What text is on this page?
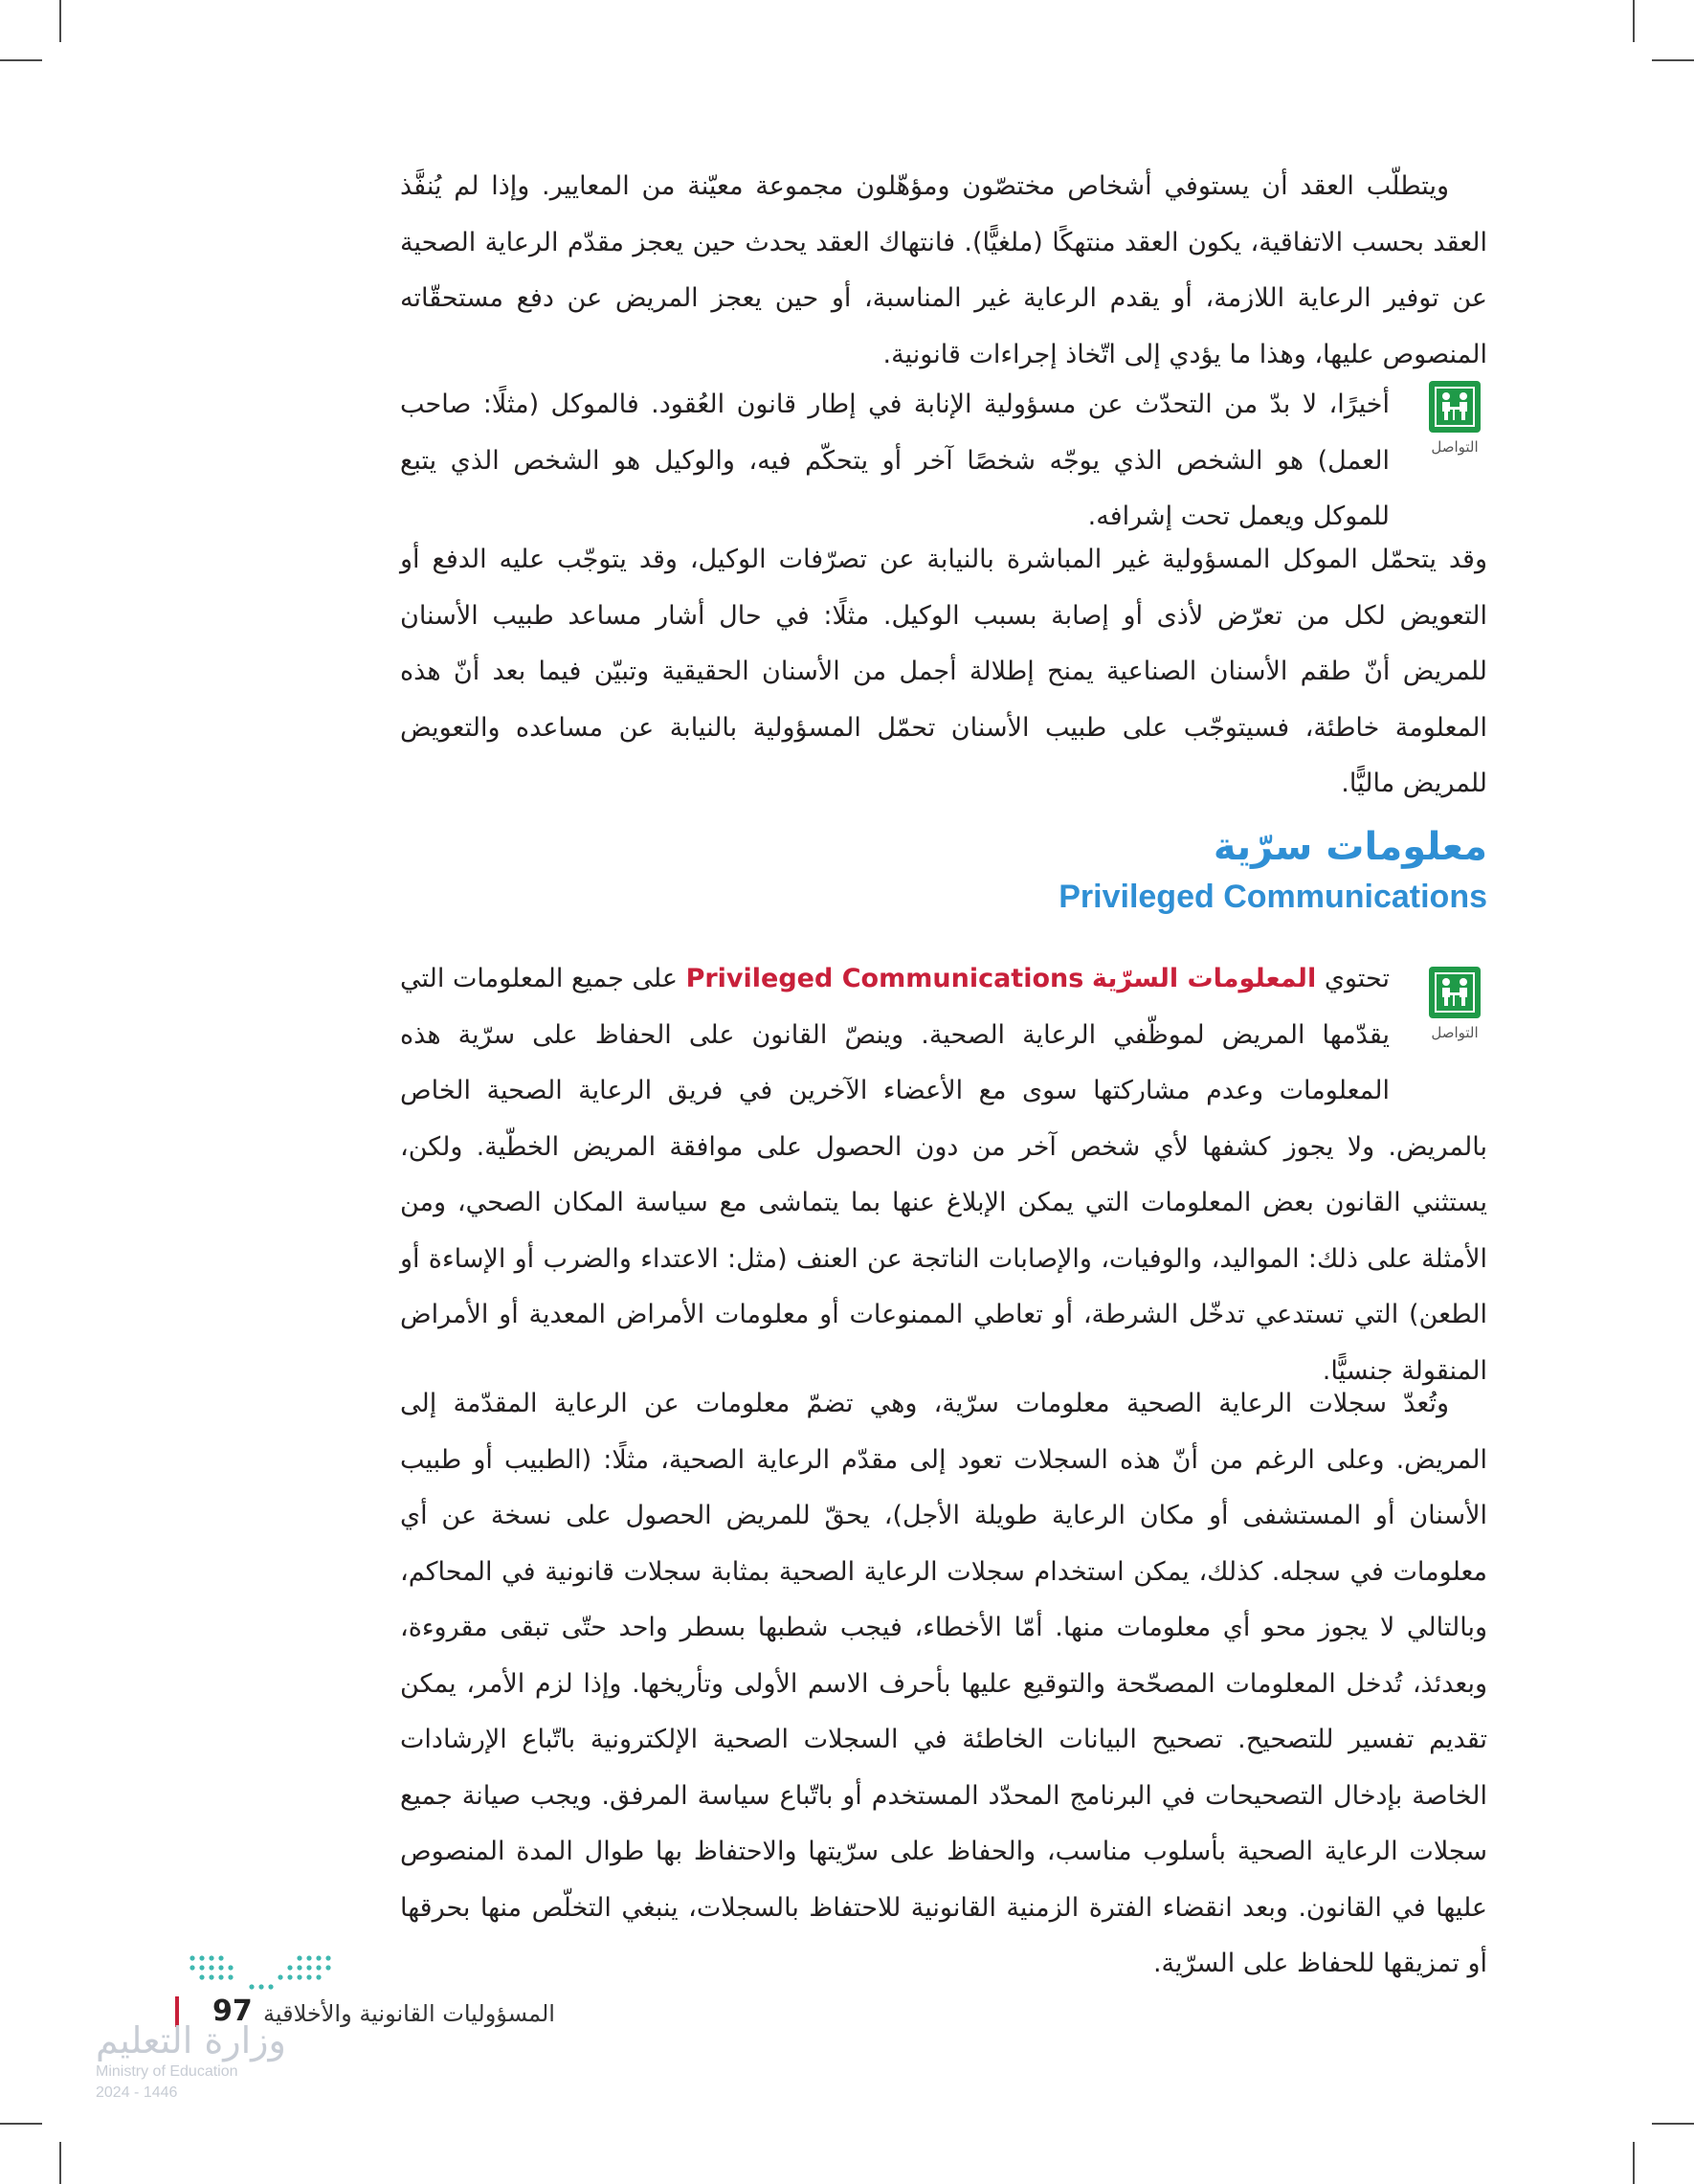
ويتطلّب العقد أن يستوفي أشخاص مختصّون ومؤهّلون مجموعة معيّنة من المعايير. وإذا لم يُنفَّذ العقد بحسب الاتفاقية، يكون العقد منتهكًا (ملغيًّا). فانتهاك العقد يحدث حين يعجز مقدّم الرعاية الصحية عن توفير الرعاية اللازمة، أو يقدم الرعاية غير المناسبة، أو حين يعجز المريض عن دفع مستحقّاته المنصوص عليها، وهذا ما يؤدي إلى اتّخاذ إجراءات قانونية.

التواصل

أخيرًا، لا بدّ من التحدّث عن مسؤولية الإنابة في إطار قانون العُقود. فالموكل (مثلًا: صاحب العمل) هو الشخص الذي يوجّه شخصًا آخر أو يتحكّم فيه، والوكيل هو الشخص الذي يتبع للموكل ويعمل تحت إشرافه.

وقد يتحمّل الموكل المسؤولية غير المباشرة بالنيابة عن تصرّفات الوكيل، وقد يتوجّب عليه الدفع أو التعويض لكل من تعرّض لأذى أو إصابة بسبب الوكيل. مثلًا: في حال أشار مساعد طبيب الأسنان للمريض أنّ طقم الأسنان الصناعية يمنح إطلالة أجمل من الأسنان الحقيقية وتبيّن فيما بعد أنّ هذه المعلومة خاطئة، فسيتوجّب على طبيب الأسنان تحمّل المسؤولية بالنيابة عن مساعده والتعويض للمريض ماليًّا.

معلومات سرّية
Privileged Communications
التواصل

تحتوي المعلومات السرّية Privileged Communications على جميع المعلومات التي يقدّمها المريض لموظّفي الرعاية الصحية. وينصّ القانون على الحفاظ على سرّية هذه المعلومات وعدم مشاركتها سوى مع الأعضاء الآخرين في فريق الرعاية الصحية الخاص بالمريض. ولا يجوز كشفها لأي شخص آخر من دون الحصول على موافقة المريض الخطّية. ولكن، يستثني القانون بعض المعلومات التي يمكن الإبلاغ عنها بما يتماشى مع سياسة المكان الصحي، ومن الأمثلة على ذلك: المواليد، والوفيات، والإصابات الناتجة عن العنف (مثل: الاعتداء والضرب أو الإساءة أو الطعن) التي تستدعي تدخّل الشرطة، أو تعاطي الممنوعات أو معلومات الأمراض المعدية أو الأمراض المنقولة جنسيًّا.

وتُعدّ سجلات الرعاية الصحية معلومات سرّية، وهي تضمّ معلومات عن الرعاية المقدّمة إلى المريض. وعلى الرغم من أنّ هذه السجلات تعود إلى مقدّم الرعاية الصحية، مثلًا: (الطبيب أو طبيب الأسنان أو المستشفى أو مكان الرعاية طويلة الأجل)، يحقّ للمريض الحصول على نسخة عن أي معلومات في سجله. كذلك، يمكن استخدام سجلات الرعاية الصحية بمثابة سجلات قانونية في المحاكم، وبالتالي لا يجوز محو أي معلومات منها. أمّا الأخطاء، فيجب شطبها بسطر واحد حتّى تبقى مقروءة، وبعدئذ، تُدخل المعلومات المصحّحة والتوقيع عليها بأحرف الاسم الأولى وتأريخها. وإذا لزم الأمر، يمكن تقديم تفسير للتصحيح. تصحيح البيانات الخاطئة في السجلات الصحية الإلكترونية باتّباع الإرشادات الخاصة بإدخال التصحيحات في البرنامج المحدّد المستخدم أو باتّباع سياسة المرفق. ويجب صيانة جميع سجلات الرعاية الصحية بأسلوب مناسب، والحفاظ على سرّيتها والاحتفاظ بها طوال المدة المنصوص عليها في القانون. وبعد انقضاء الفترة الزمنية القانونية للاحتفاظ بالسجلات، ينبغي التخلّص منها بحرقها أو تمزيقها للحفاظ على السرّية.

97 المسؤوليات القانونية والأخلاقية
وزارة التعليم
Ministry of Education
2024 - 1446
